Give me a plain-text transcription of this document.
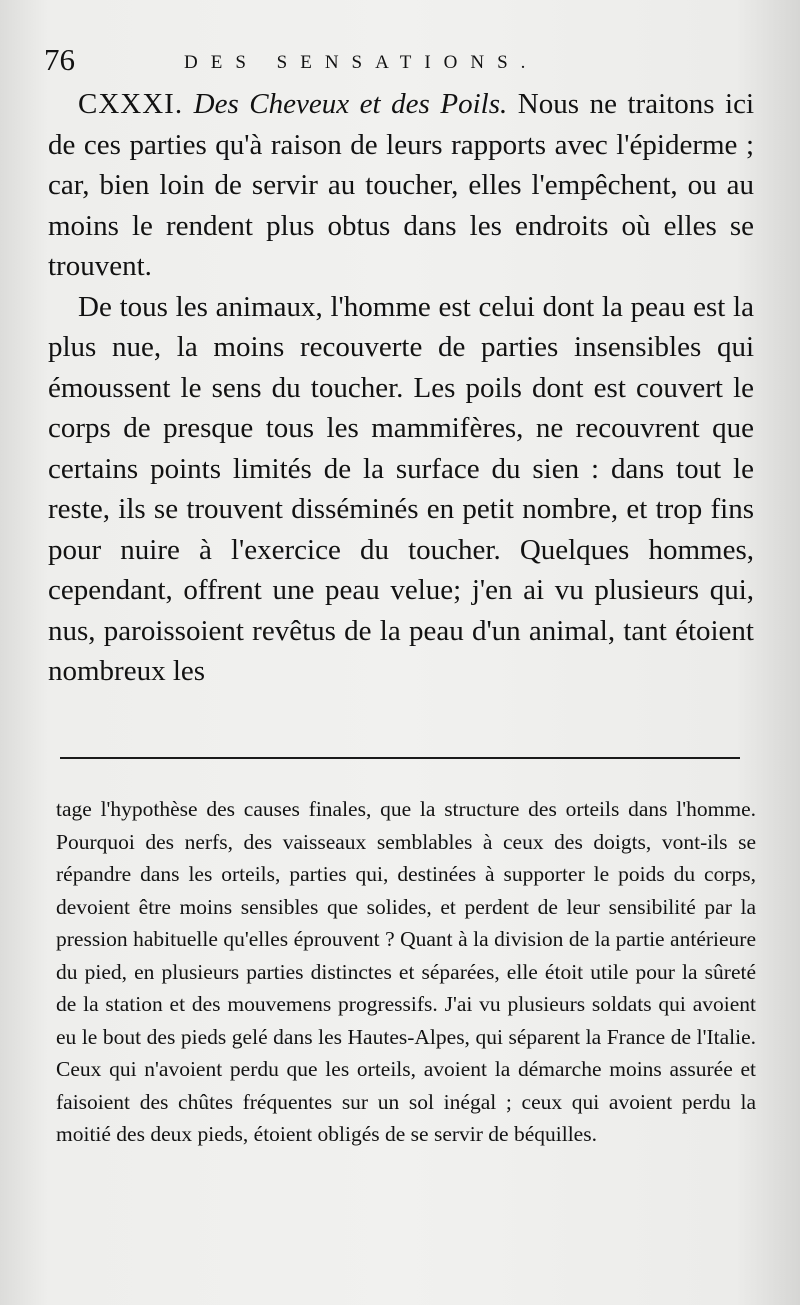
76	DES SENSATIONS.

CXXXI. Des Cheveux et des Poils. Nous ne traitons ici de ces parties qu'à raison de leurs rapports avec l'épiderme ; car, bien loin de servir au toucher, elles l'empêchent, ou au moins le rendent plus obtus dans les endroits où elles se trouvent.

De tous les animaux, l'homme est celui dont la peau est la plus nue, la moins recouverte de parties insensibles qui émoussent le sens du toucher. Les poils dont est couvert le corps de presque tous les mammifères, ne recouvrent que certains points limités de la surface du sien : dans tout le reste, ils se trouvent disséminés en petit nombre, et trop fins pour nuire à l'exercice du toucher. Quelques hommes, cependant, offrent une peau velue; j'en ai vu plusieurs qui, nus, paroissoient revêtus de la peau d'un animal, tant étoient nombreux les

tage l'hypothèse des causes finales, que la structure des orteils dans l'homme. Pourquoi des nerfs, des vaisseaux semblables à ceux des doigts, vont-ils se répandre dans les orteils, parties qui, destinées à supporter le poids du corps, devoient être moins sensibles que solides, et perdent de leur sensibilité par la pression habituelle qu'elles éprouvent ? Quant à la division de la partie antérieure du pied, en plusieurs parties distinctes et séparées, elle étoit utile pour la sûreté de la station et des mouvemens progressifs. J'ai vu plusieurs soldats qui avoient eu le bout des pieds gelé dans les Hautes-Alpes, qui séparent la France de l'Italie. Ceux qui n'avoient perdu que les orteils, avoient la démarche moins assurée et faisoient des chûtes fréquentes sur un sol inégal ; ceux qui avoient perdu la moitié des deux pieds, étoient obligés de se servir de béquilles.
